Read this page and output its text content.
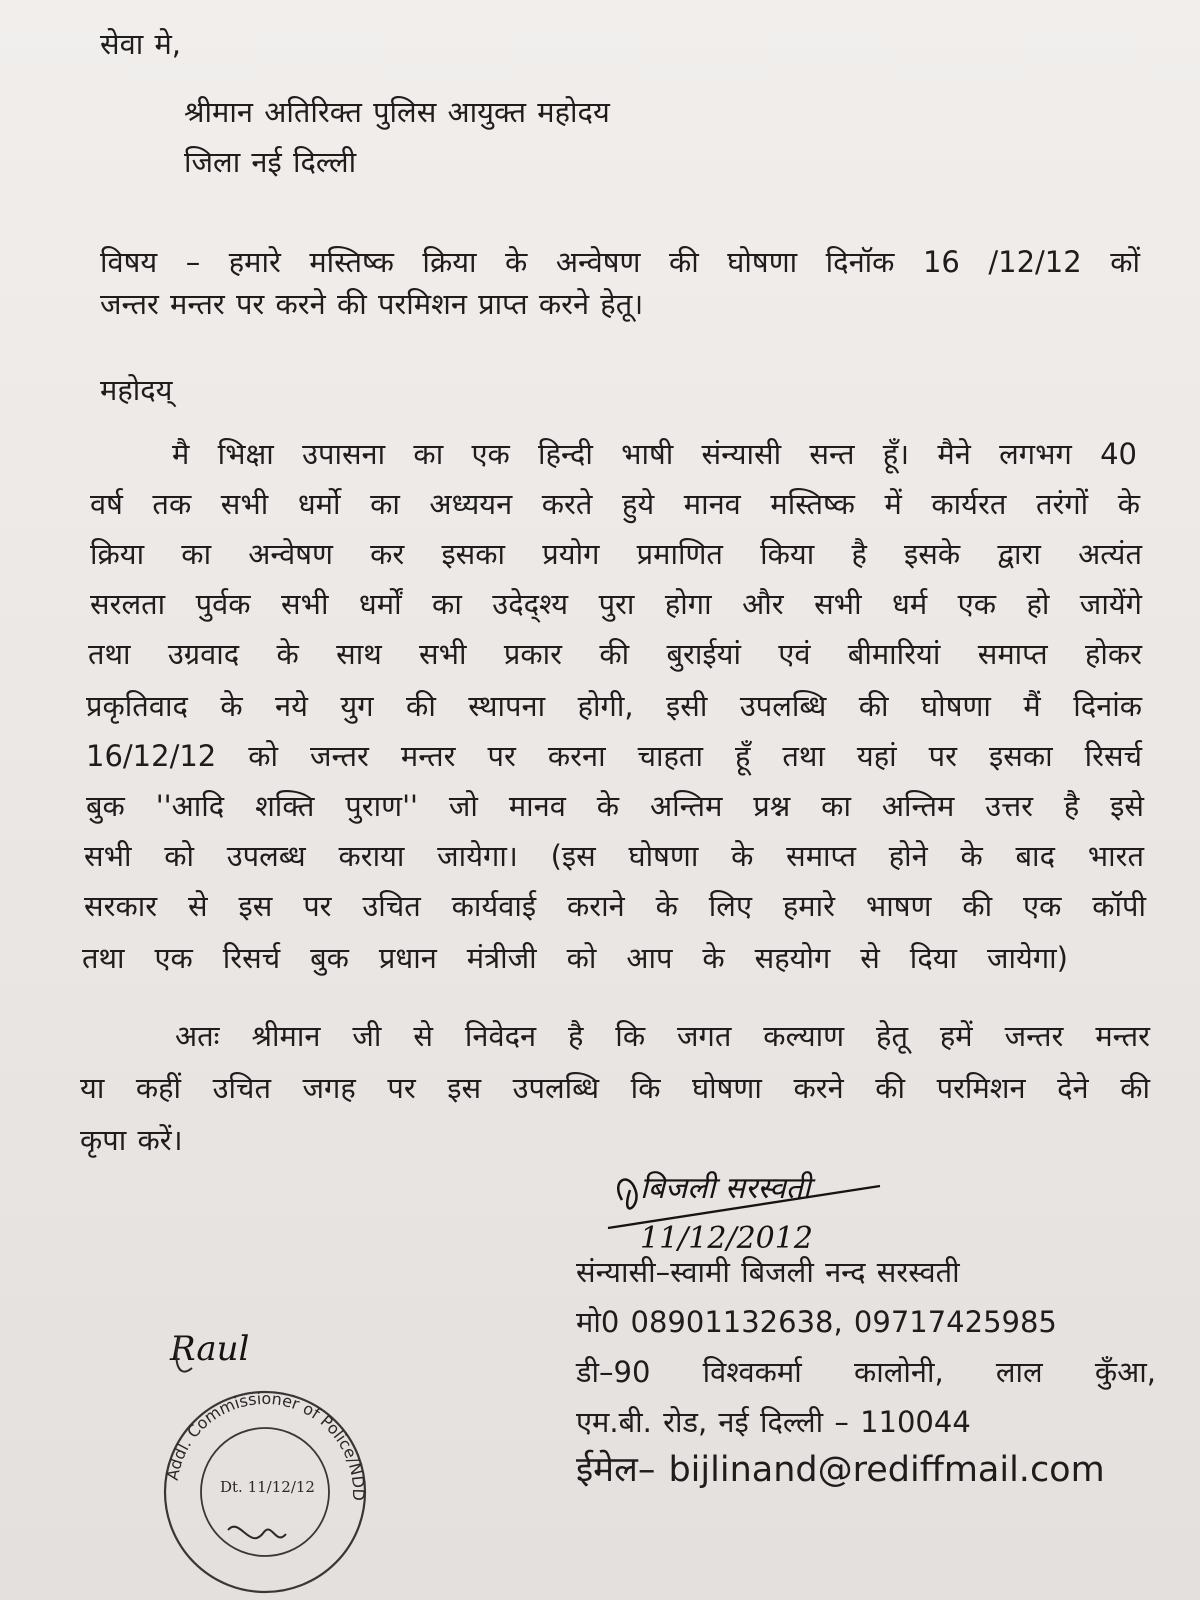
सेवा मे,
श्रीमान अतिरिक्त पुलिस आयुक्त महोदय
जिला नई दिल्ली
विषय – हमारे मस्तिष्क क्रिया के अन्वेषण की घोषणा दिनॉक 16 /12/12 कों
जन्तर मन्तर पर करने की परमिशन प्राप्त करने हेतू।
महोदय्
मै भिक्षा उपासना का एक हिन्दी भाषी संन्यासी सन्त हूँ। मैने लगभग 40
वर्ष तक सभी धर्मो का अध्ययन करते हुये मानव मस्तिष्क में कार्यरत तरंगों के
क्रिया का अन्वेषण कर इसका प्रयोग प्रमाणित किया है इसके द्वारा अत्यंत
सरलता पुर्वक सभी धर्मों का उदेद्श्य पुरा होगा और सभी धर्म एक हो जायेंगे
तथा उग्रवाद के साथ सभी प्रकार की बुराईयां एवं बीमारियां समाप्त होकर
प्रकृतिवाद के नये युग की स्थापना होगी, इसी उपलब्धि की घोषणा मैं दिनांक
16/12/12 को जन्तर मन्तर पर करना चाहता हूँ तथा यहां पर इसका रिसर्च
बुक ''आदि शक्ति पुराण'' जो मानव के अन्तिम प्रश्न का अन्तिम उत्तर है इसे
सभी को उपलब्ध कराया जायेगा। (इस घोषणा के समाप्त होने के बाद भारत
सरकार से इस पर उचित कार्यवाई कराने के लिए हमारे भाषण की एक कॉपी
तथा एक रिसर्च बुक प्रधान मंत्रीजी को आप के सहयोग से दिया जायेगा)
अतः श्रीमान जी से निवेदन है कि जगत कल्याण हेतू हमें जन्तर मन्तर
या कहीं उचित जगह पर इस उपलब्धि कि घोषणा करने की परमिशन देने की
कृपा करें।
बिजली सरस्वती
11/12/2012
संन्यासी–स्वामी बिजली नन्द सरस्वती
मो0 08901132638, 09717425985
डी–90 विश्वकर्मा कालोनी, लाल कुँआ,
एम.बी. रोड, नई दिल्ली – 110044
ईमेल– bijlinand@rediffmail.com
Raul
Addl. Commissioner of Police/NDD
Dt. 11/12/12
